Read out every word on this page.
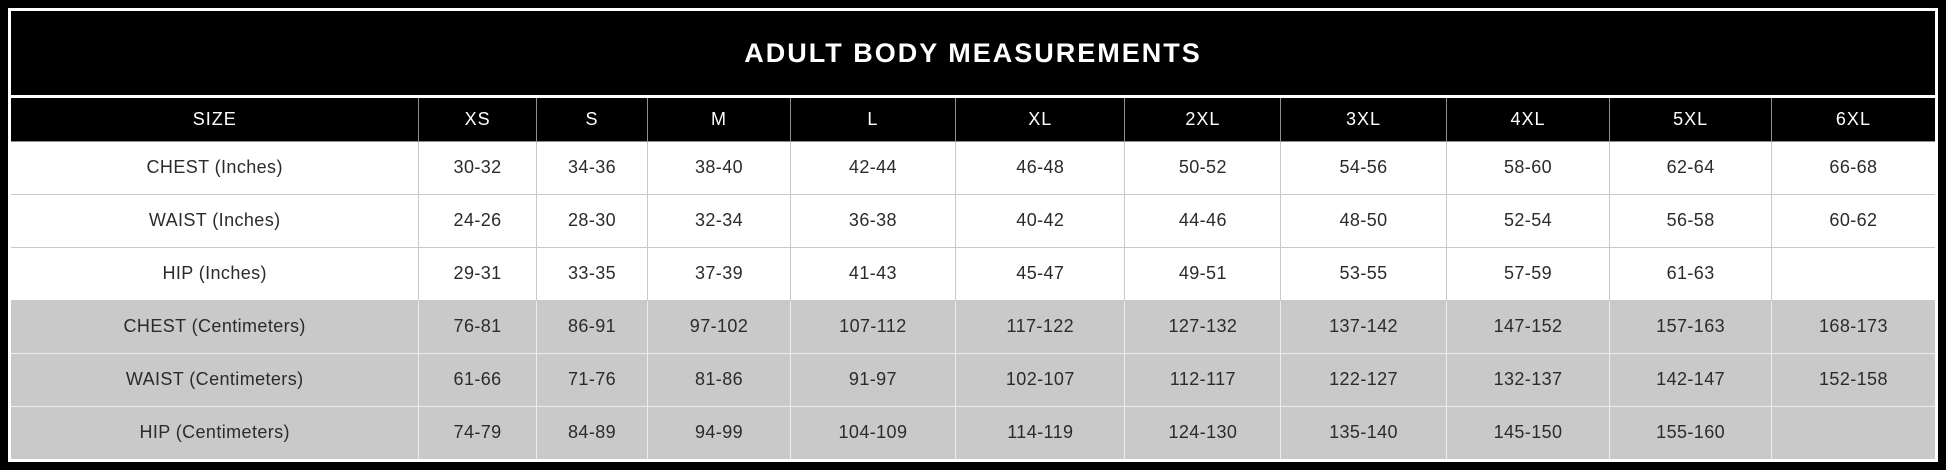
ADULT BODY MEASUREMENTS
SIZE	XS	S	M	L	XL	2XL	3XL	4XL	5XL	6XL
CHEST (Inches)	30-32	34-36	38-40	42-44	46-48	50-52	54-56	58-60	62-64	66-68
WAIST (Inches)	24-26	28-30	32-34	36-38	40-42	44-46	48-50	52-54	56-58	60-62
HIP (Inches)	29-31	33-35	37-39	41-43	45-47	49-51	53-55	57-59	61-63	
CHEST (Centimeters)	76-81	86-91	97-102	107-112	117-122	127-132	137-142	147-152	157-163	168-173
WAIST (Centimeters)	61-66	71-76	81-86	91-97	102-107	112-117	122-127	132-137	142-147	152-158
HIP (Centimeters)	74-79	84-89	94-99	104-109	114-119	124-130	135-140	145-150	155-160	
